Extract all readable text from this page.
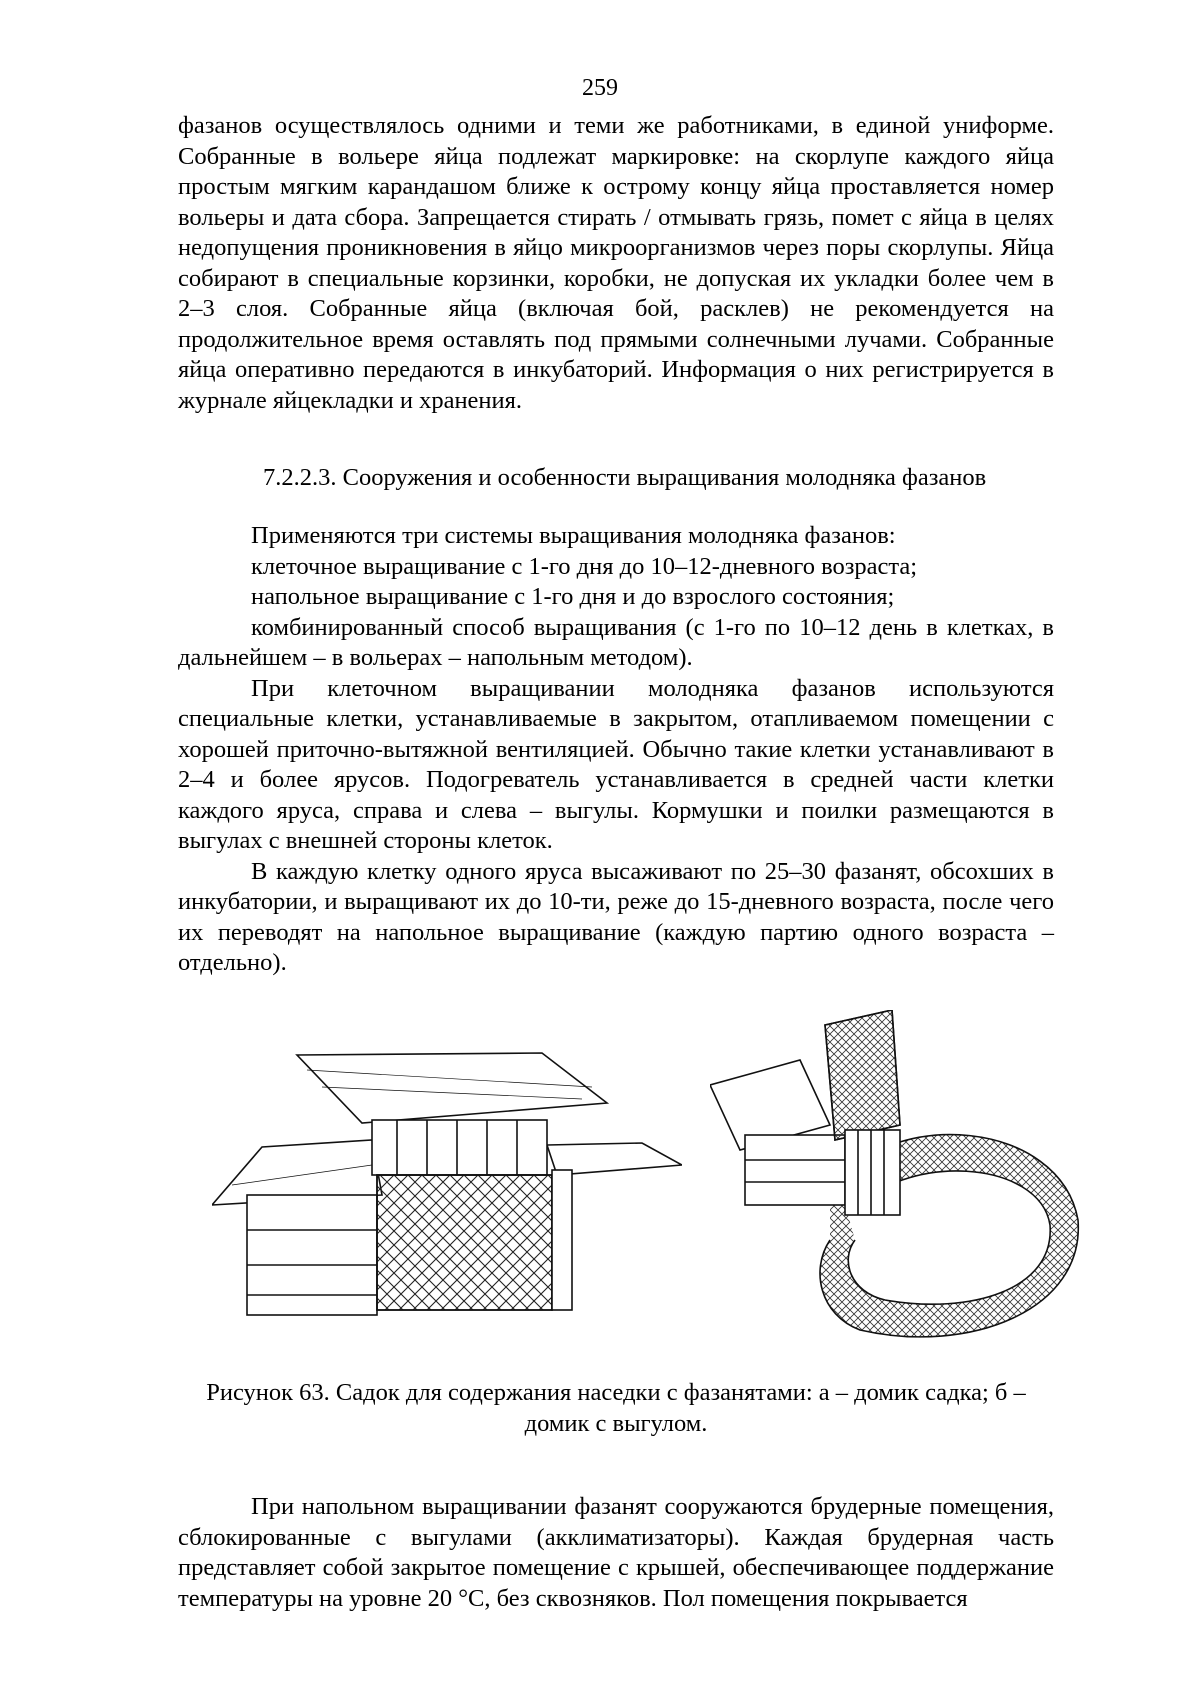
259

фазанов осуществлялось одними и теми же работниками, в единой униформе. Собранные в вольере яйца подлежат маркировке: на скорлупе каждого яйца простым мягким карандашом ближе к острому концу яйца проставляется номер вольеры и дата сбора. Запрещается стирать / отмывать грязь, помет с яйца в целях недопущения проникновения в яйцо микроорганизмов через поры скорлупы. Яйца собирают в специальные корзинки, коробки, не допуская их укладки более чем в 2–3 слоя. Собранные яйца (включая бой, расклев) не рекомендуется на продолжительное время оставлять под прямыми солнечными лучами. Собранные яйца оперативно передаются в инкубаторий. Информация о них регистрируется в журнале яйцекладки и хранения.

7.2.2.3. Сооружения и особенности выращивания молодняка фазанов

Применяются три системы выращивания молодняка фазанов:

клеточное выращивание с 1-го дня до 10–12-дневного возраста;

напольное выращивание с 1-го дня и до взрослого состояния;

комбинированный способ выращивания (с 1-го по 10–12 день в клетках, в дальнейшем – в вольерах – напольным методом).

При клеточном выращивании молодняка фазанов используются специальные клетки, устанавливаемые в закрытом, отапливаемом помещении с хорошей приточно-вытяжной вентиляцией. Обычно такие клетки устанавливают в 2–4 и более ярусов. Подогреватель устанавливается в средней части клетки каждого яруса, справа и слева – выгулы. Кормушки и поилки размещаются в выгулах с внешней стороны клеток.

В каждую клетку одного яруса высаживают по 25–30 фазанят, обсохших в инкубатории, и выращивают их до 10-ти, реже до 15-дневного возраста, после чего их переводят на напольное выращивание (каждую партию одного возраста – отдельно).

Рисунок 63. Садок для содержания наседки с фазанятами: а – домик садка; б – домик с выгулом.

При напольном выращивании фазанят сооружаются брудерные помещения, сблокированные с выгулами (акклиматизаторы). Каждая брудерная часть представляет собой закрытое помещение с крышей, обеспечивающее поддержание температуры на уровне 20 °С, без сквозняков. Пол помещения покрывается
